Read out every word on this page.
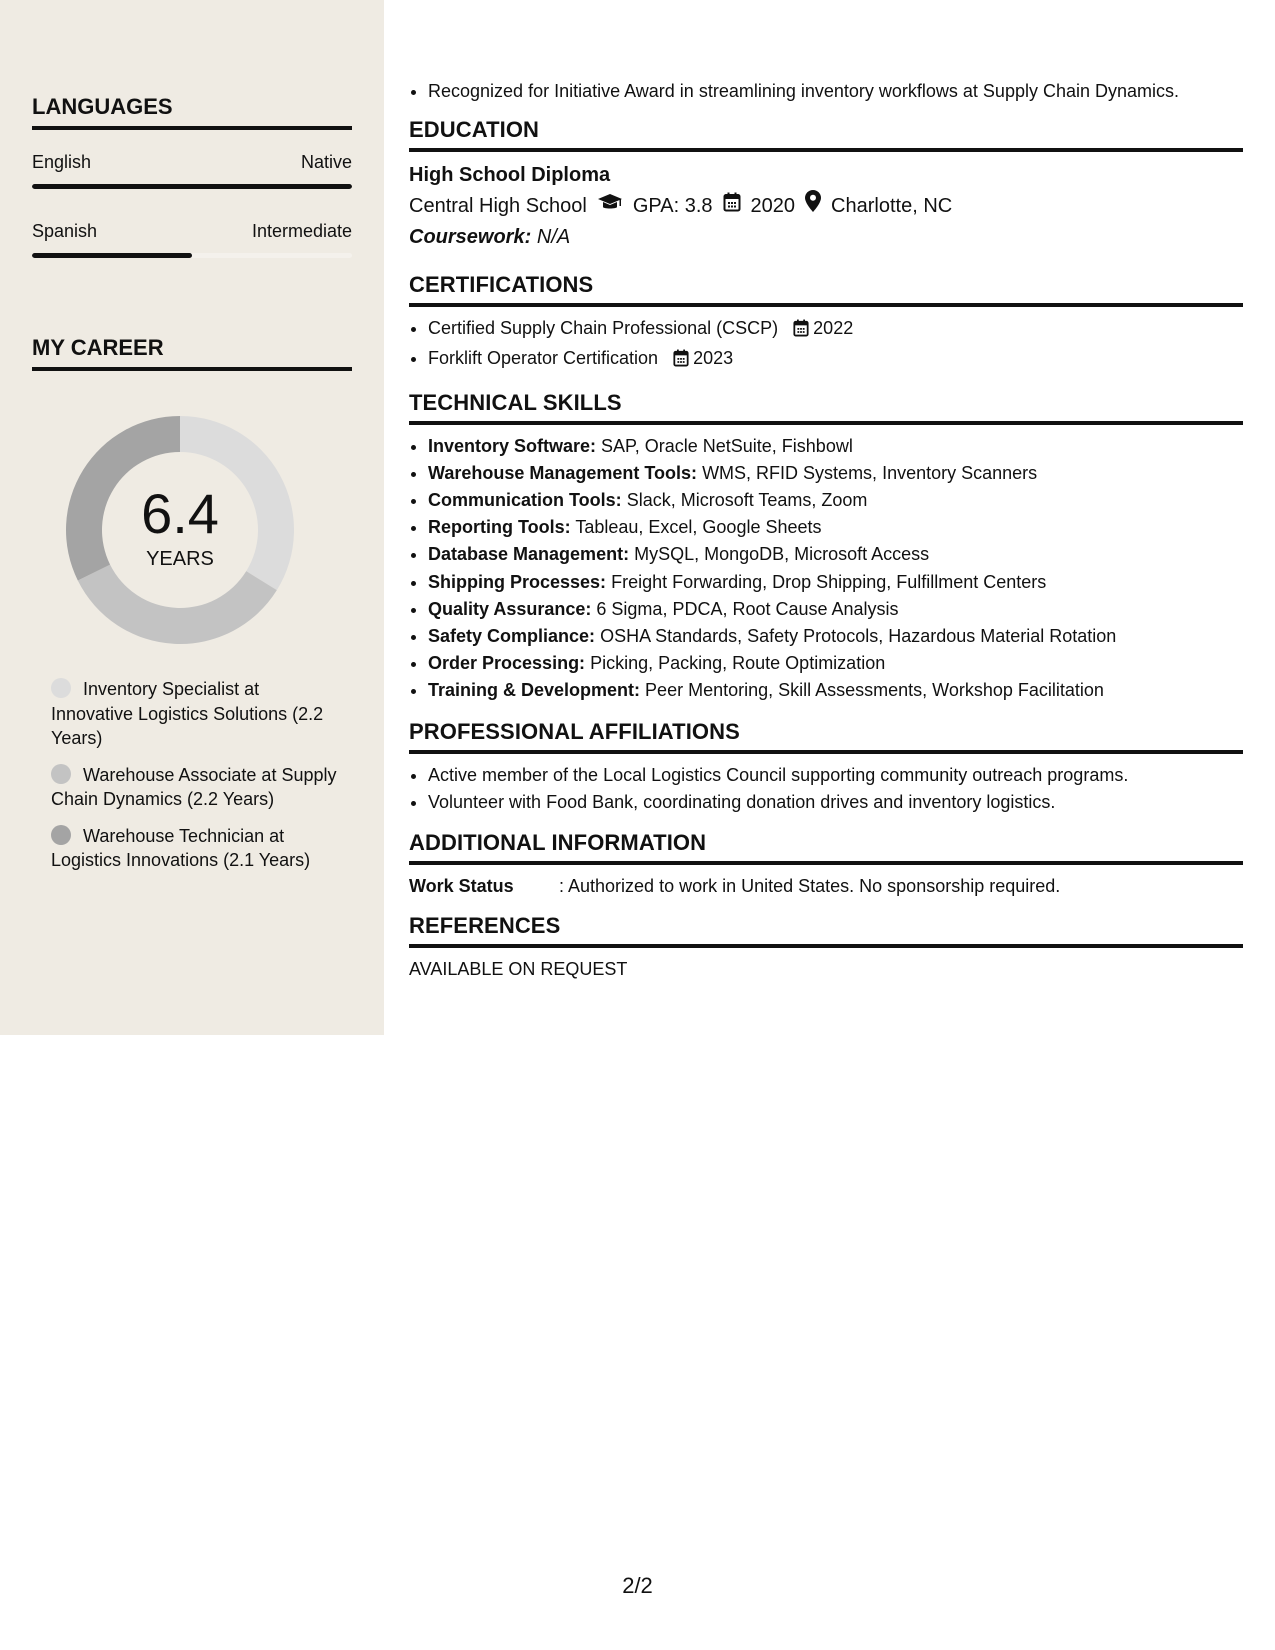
LANGUAGES
English	Native
Spanish	Intermediate
MY CAREER
6.4
YEARS
Inventory Specialist at Innovative Logistics Solutions (2.2 Years)
Warehouse Associate at Supply Chain Dynamics (2.2 Years)
Warehouse Technician at Logistics Innovations (2.1 Years)
• Recognized for Initiative Award in streamlining inventory workflows at Supply Chain Dynamics.
EDUCATION
High School Diploma
Central High School GPA: 3.8 2020 Charlotte, NC
Coursework: N/A
CERTIFICATIONS
• Certified Supply Chain Professional (CSCP) 2022
• Forklift Operator Certification 2023
TECHNICAL SKILLS
• Inventory Software: SAP, Oracle NetSuite, Fishbowl
• Warehouse Management Tools: WMS, RFID Systems, Inventory Scanners
• Communication Tools: Slack, Microsoft Teams, Zoom
• Reporting Tools: Tableau, Excel, Google Sheets
• Database Management: MySQL, MongoDB, Microsoft Access
• Shipping Processes: Freight Forwarding, Drop Shipping, Fulfillment Centers
• Quality Assurance: 6 Sigma, PDCA, Root Cause Analysis
• Safety Compliance: OSHA Standards, Safety Protocols, Hazardous Material Rotation
• Order Processing: Picking, Packing, Route Optimization
• Training & Development: Peer Mentoring, Skill Assessments, Workshop Facilitation
PROFESSIONAL AFFILIATIONS
• Active member of the Local Logistics Council supporting community outreach programs.
• Volunteer with Food Bank, coordinating donation drives and inventory logistics.
ADDITIONAL INFORMATION
Work Status	: Authorized to work in United States. No sponsorship required.
REFERENCES
AVAILABLE ON REQUEST
2/2
